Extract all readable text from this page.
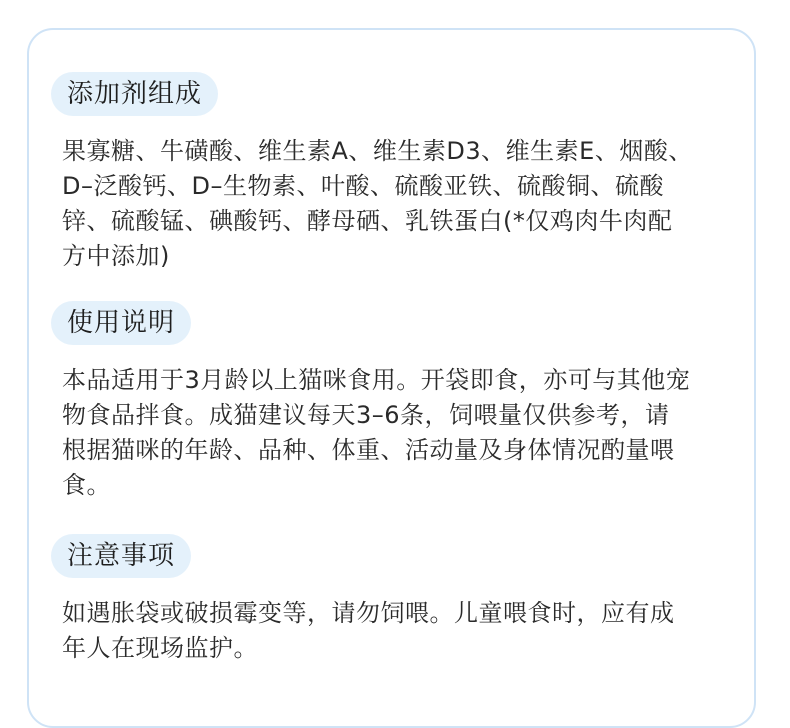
添加剂组成
果寡糖、牛磺酸、维生素A、维生素D3、维生素E、烟酸、
D–泛酸钙、D–生物素、叶酸、硫酸亚铁、硫酸铜、硫酸
锌、硫酸锰、碘酸钙、酵母硒、乳铁蛋白(*仅鸡肉牛肉配
方中添加)
使用说明
本品适用于3月龄以上猫咪食用。开袋即食，亦可与其他宠
物食品拌食。成猫建议每天3–6条，饲喂量仅供参考，请
根据猫咪的年龄、品种、体重、活动量及身体情况酌量喂
食。
注意事项
如遇胀袋或破损霉变等，请勿饲喂。儿童喂食时，应有成
年人在现场监护。
